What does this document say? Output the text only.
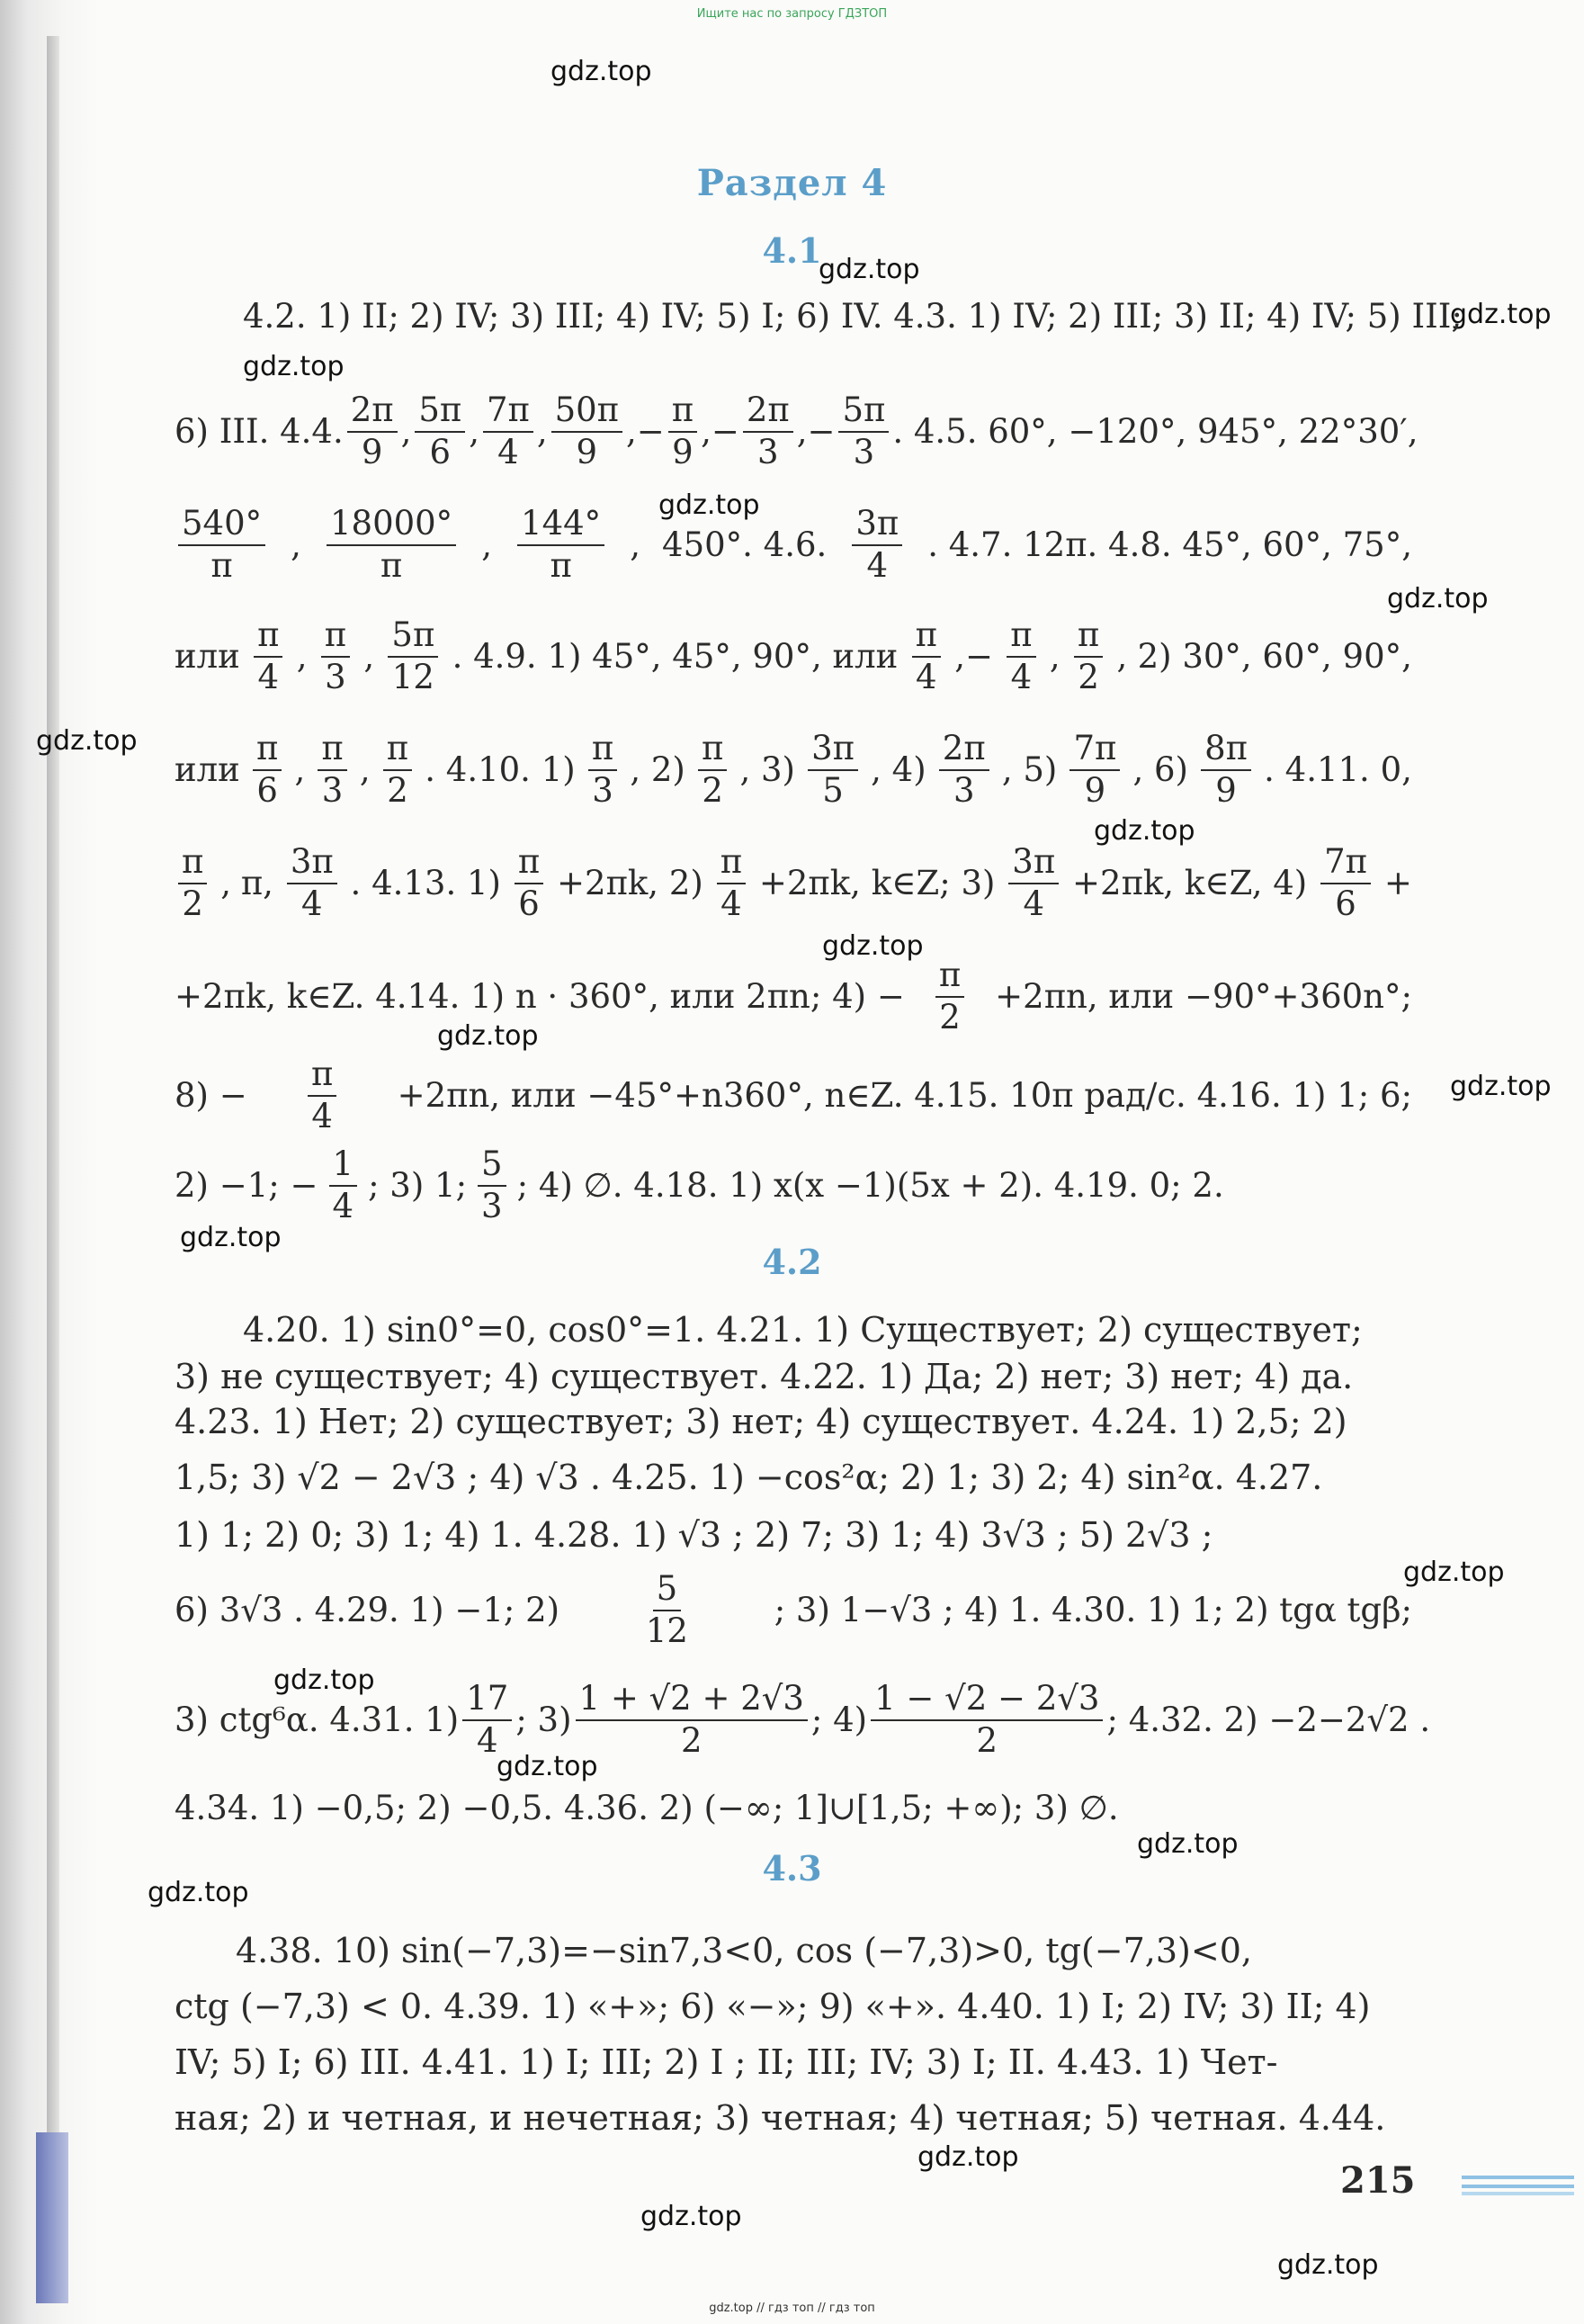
Ищите нас по запросу ГДЗТОП
gdz.top
gdz.top
gdz.top
gdz.top
gdz.top
gdz.top
gdz.top
gdz.top
gdz.top
gdz.top
gdz.top
gdz.top
gdz.top
gdz.top
gdz.top
gdz.top
gdz.top
gdz.top
gdz.top
gdz.top
Раздел 4
4.1
4.2
4.3
4.2. 1) II; 2) IV; 3) III; 4) IV; 5) I; 6) IV. 4.3. 1) IV; 2) III; 3) II; 4) IV; 5) III;
6) III. 4.4. $\frac{2\pi}{9}$ , $\frac{5\pi}{6}$ , $\frac{7\pi}{4}$ , $\frac{50\pi}{9}$ ,− $\frac{\pi}{9}$ ,− $\frac{2\pi}{3}$ ,− $\frac{5\pi}{3}$ . 4.5. 60°, −120°, 945°, 22°30′,
$\frac{540^\circ}{\pi}$ , $\frac{18000^\circ}{\pi}$ , $\frac{144^\circ}{\pi}$ , 450°. 4.6. $\frac{3\pi}{4}$ . 4.7. 12π. 4.8. 45°, 60°, 75°,
или $\frac{\pi}{4}$ , $\frac{\pi}{3}$ , $\frac{5\pi}{12}$ . 4.9. 1) 45°, 45°, 90°, или $\frac{\pi}{4}$ ,− $\frac{\pi}{4}$ , $\frac{\pi}{2}$ , 2) 30°, 60°, 90°,
или $\frac{\pi}{6}$ , $\frac{\pi}{3}$ , $\frac{\pi}{2}$ . 4.10. $1) \frac{\pi}{3}$ , $2) \frac{\pi}{2}$ , $3) \frac{3\pi}{5}$ , $4) \frac{2\pi}{3}$ , $5) \frac{7\pi}{9}$ , $6) \frac{8\pi}{9}$ . 4.11. 0,
$\frac{\pi}{2}$ , π, $\frac{3\pi}{4}$ . 4.13. $1) \frac{\pi}{6} +2\pi k$, $2) \frac{\pi}{4} +2\pi k$, k∈Z; $3) \frac{3\pi}{4} +2\pi k$, k∈Z, $4) \frac{7\pi}{6}$ +
+2πk, k∈Z. 4.14. 1) n · 360°, или 2πn; $4) - \frac{\pi}{2} +2\pi n$, или −90°+360n°;
$8) - \frac{\pi}{4} +2\pi n$, или −45°+n360°, n∈Z. 4.15. 10π рад/с. 4.16. 1) 1; 6;
2) −1; − $\frac{1}{4}$ ; 3) 1; $\frac{5}{3}$ ; 4) ∅. 4.18. 1) x(x −1)(5x + 2). 4.19. 0; 2.
4.20. 1) sin0°=0, cos0°=1. 4.21. 1) Существует; 2) существует;
3) не существует; 4) существует. 4.22. 1) Да; 2) нет; 3) нет; 4) да.
4.23. 1) Нет; 2) существует; 3) нет; 4) существует. 4.24. 1) 2,5; 2)
1,5; 3) √2 − 2√3 ; 4) √3 . 4.25. 1) −cos²α; 2) 1; 3) 2; 4) sin²α. 4.27.
1) 1; 2) 0; 3) 1; 4) 1. 4.28. 1) √3 ; 2) 7; 3) 1; 4) 3√3 ; 5) 2√3 ;
6) 3√3 . 4.29. 1) −1; $2) \frac{5}{12}$ ; 3) 1−√3 ; 4) 1. 4.30. 1) 1; 2) tgα tgβ;
3) ctg⁶α. 4.31. $1) \frac{17}{4}$ ; $3) \frac{1 + √2 + 2√3}{2}$ ; $4) \frac{1 - √2 - 2√3}{2}$ ; 4.32. 2) −2−2√2 .
4.34. 1) −0,5; 2) −0,5. 4.36. 2) (−∞; 1]∪[1,5; +∞); 3) ∅.
4.38. 10) sin(−7,3)=−sin7,3<0, cos (−7,3)>0, tg(−7,3)<0,
ctg (−7,3) < 0. 4.39. 1) «+»; 6) «−»; 9) «+». 4.40. 1) I; 2) IV; 3) II; 4)
IV; 5) I; 6) III. 4.41. 1) I; III; 2) I ; II; III; IV; 3) I; II. 4.43. 1) Чет-
ная; 2) и четная, и нечетная; 3) четная; 4) четная; 5) четная. 4.44.
215
gdz.top // гдз топ // гдз топ
